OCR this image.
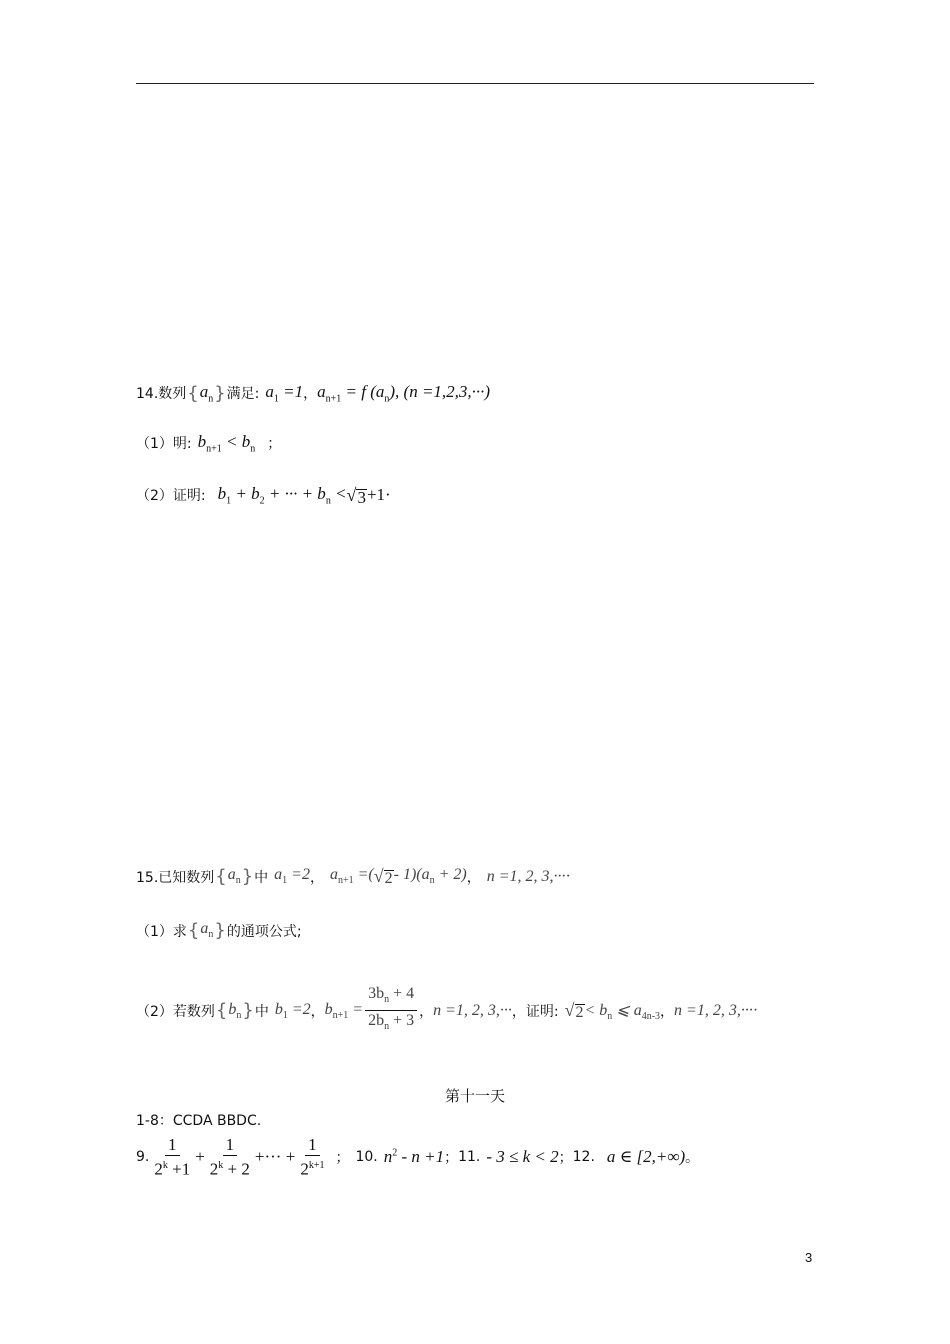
14.数列 { $a_n$ } 满足: $a_1 =1$ ， $a_{n+1} = f$ $(a_n)$, (n =1,2,3,···)
（1）明: $b_{n+1} < b_n$ ；
（2）证明: $b_1 + b_2$ + ··· + $b_n$ < √ 3 +1 ·
15.已知数列 { $a_n$ } 中 $a_1 =2$ ， $a_{n+1}$ =( √ $2 - 1)(a_n + 2)$ ， n =1, 2, 3,··· ·
（1）求 { $a_n$ } 的通项公式;
（2）若数列 { $b_n$ } 中 $b_1 =2$ ， $b_{n+1} = \frac{3b_n + 4}{2b_n + 3}$ ， n =1, 2, 3,··· ，证明: √ $2 < b_n$ ⩽ $a_{4n-3}$ ， n =1, 2, 3,··· ·
第十一天
1-8：CCDA BBDC.
9. $\frac{1}{2^k +1} + \frac{1}{2^k + 2}$ +··· + $\frac{1}{2^{k+1}}$ ； 10. $n^2 - n +1$ ； 11. - 3 ≤ k < 2 ； 12. a ∈ [2,+∞) 。
3
